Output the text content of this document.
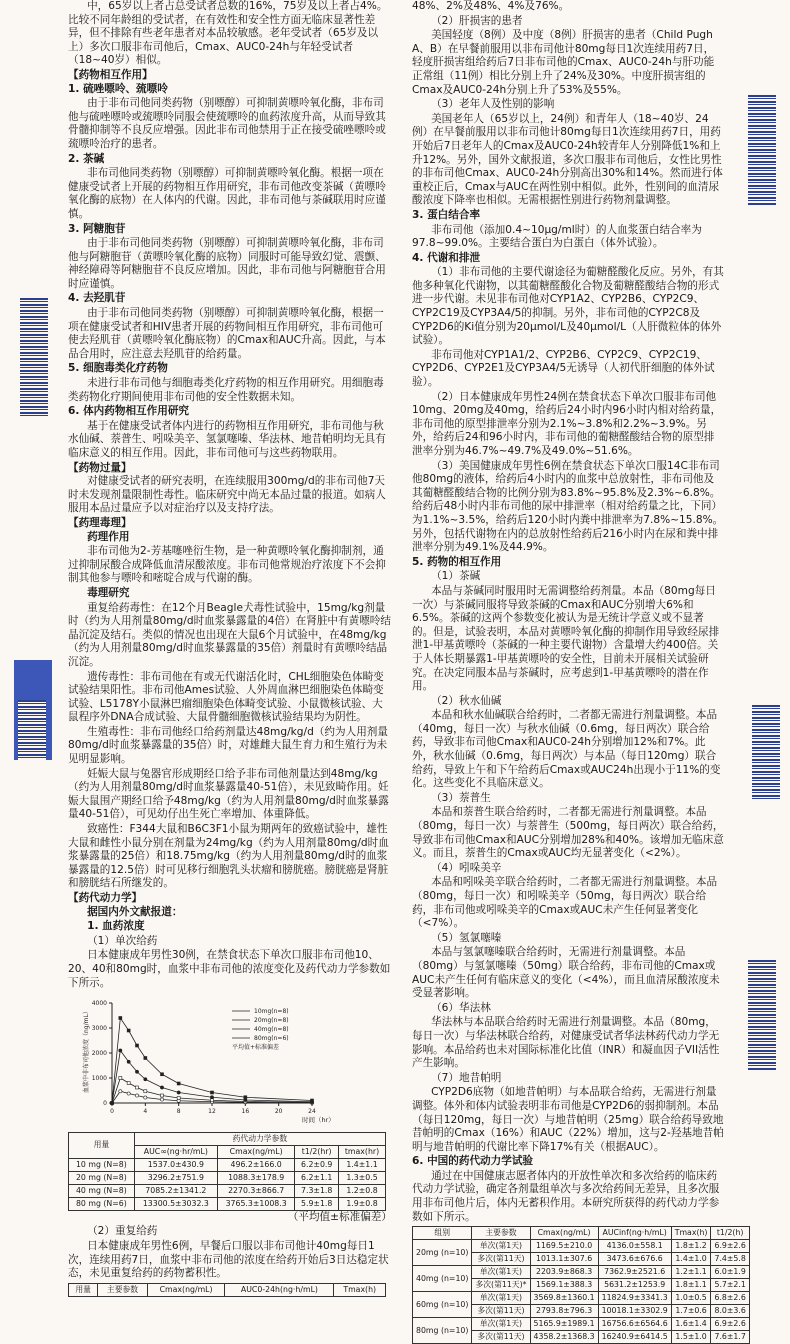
中，65岁以上者占总受试者总数的16%，75岁及以上者占4%。比较不同年龄组的受试者，在有效性和安全性方面无临床显著性差异，但不排除有些老年患者对本品较敏感。老年受试者（65岁及以上）多次口服非布司他后，Cmax、AUC0-24h与年轻受试者（18~40岁）相似。

【药物相互作用】

1. 硫唑嘌呤、巯嘌呤

由于非布司他同类药物（别嘌醇）可抑制黄嘌呤氧化酶，非布司他与硫唑嘌呤或巯嘌呤同服会使巯嘌呤的血药浓度升高，从而导致其骨髓抑制等不良反应增强。因此非布司他禁用于正在接受硫唑嘌呤或巯嘌呤治疗的患者。

2. 茶碱

非布司他同类药物（别嘌醇）可抑制黄嘌呤氧化酶。根据一项在健康受试者上开展的药物相互作用研究，非布司他改变茶碱（黄嘌呤氧化酶的底物）在人体内的代谢。因此，非布司他与茶碱联用时应谨慎。

3. 阿糖胞苷

由于非布司他同类药物（别嘌醇）可抑制黄嘌呤氧化酶，非布司他与阿糖胞苷（黄嘌呤氧化酶的底物）同服时可能导致幻觉、震颤、神经障碍等阿糖胞苷不良反应增加。因此，非布司他与阿糖胞苷合用时应谨慎。

4. 去羟肌苷

由于非布司他同类药物（别嘌醇）可抑制黄嘌呤氧化酶，根据一项在健康受试者和HIV患者开展的药物间相互作用研究，非布司他可使去羟肌苷（黄嘌呤氧化酶底物）的Cmax和AUC升高。因此，与本品合用时，应注意去羟肌苷的给药量。

5. 细胞毒类化疗药物

未进行非布司他与细胞毒类化疗药物的相互作用研究。用细胞毒类药物化疗期间使用非布司他的安全性数据未知。

6. 体内药物相互作用研究

基于在健康受试者体内进行的药物相互作用研究，非布司他与秋水仙碱、萘普生、吲哚美辛、氢氯噻嗪、华法林、地昔帕明均无具有临床意义的相互作用。因此，非布司他可与这些药物联用。

【药物过量】

对健康受试者的研究表明，在连续服用300mg/d的非布司他7天时未发现剂量限制性毒性。临床研究中尚无本品过量的报道。如病人服用本品过量应予以对症治疗以及支持疗法。

【药理毒理】

药理作用

非布司他为2-芳基噻唑衍生物，是一种黄嘌呤氧化酶抑制剂，通过抑制尿酸合成降低血清尿酸浓度。非布司他常规治疗浓度下不会抑制其他参与嘌呤和嘧啶合成与代谢的酶。

毒理研究

重复给药毒性：在12个月Beagle犬毒性试验中，15mg/kg剂量时（约为人用剂量80mg/d时血浆暴露量的4倍）在肾脏中有黄嘌呤结晶沉淀及结石。类似的情况也出现在大鼠6个月试验中，在48mg/kg（约为人用剂量80mg/d时血浆暴露量的35倍）剂量时有黄嘌呤结晶沉淀。

遗传毒性：非布司他在有或无代谢活化时，CHL细胞染色体畸变试验结果阳性。非布司他Ames试验、人外周血淋巴细胞染色体畸变试验、L5178Y小鼠淋巴瘤细胞染色体畸变试验、小鼠微核试验、大鼠程序外DNA合成试验、大鼠骨髓细胞微核试验结果均为阴性。

生殖毒性：非布司他经口给药剂量达48mg/kg/d（约为人用剂量80mg/d时血浆暴露量的35倍）时，对雄雌大鼠生育力和生殖行为未见明显影响。

妊娠大鼠与兔器官形成期经口给予非布司他剂量达到48mg/kg（约为人用剂量80mg/d时血浆暴露量40-51倍），未见致畸作用。妊娠大鼠围产期经口给予48mg/kg（约为人用剂量80mg/d时血浆暴露量40-51倍），可见幼仔出生死亡率增加、体重降低。

致癌性：F344大鼠和B6C3F1小鼠为期两年的致癌试验中，雄性大鼠和雌性小鼠分别在剂量为24mg/kg（约为人用剂量80mg/d时血浆暴露量的25倍）和18.75mg/kg（约为人用剂量80mg/d时的血浆暴露量的12.5倍）时可见移行细胞乳头状瘤和膀胱癌。膀胱癌是肾脏和膀胱结石所继发的。

【药代动力学】

据国内外文献报道：

1. 血药浓度

（1）单次给药

日本健康成年男性30例，在禁食状态下单次口服非布司他10、20、40和80mg时，血浆中非布司他的浓度变化及药代动力学参数如下所示。

0
1000
2000
3000
4000
0	4	8	12	16	20	24
时间（hr）
血浆中非布司他浓度（ng/mL）	10mg(n=8)
20mg(n=8)
40mg(n=8)
80mg(n=6)
平均值+标准偏差
用量	药代动力学参数			
	AUC∞(ng·hr/mL)	Cmax(ng/mL)	t1/2(hr)	tmax(hr)
10 mg (N=8)	1537.0±430.9	496.2±166.0	6.2±0.9	1.4±1.1
20 mg (N=8)	3296.2±751.9	1088.3±178.9	6.2±1.1	1.3±0.5
40 mg (N=8)	7085.2±1341.2	2270.3±866.7	7.3±1.8	1.2±0.8
80 mg (N=6)	13300.5±3032.3	3765.3±1008.3	5.9±1.8	1.9±0.8

（平均值±标准偏差）

（2）重复给药

日本健康成年男性6例，早餐后口服以非布司他计40mg每日1次，连续用药7日，血浆中非布司他的浓度在给药开始后3日达稳定状态，未见重复给药的药物蓄积性。

用量	主要参数	Cmax(ng/mL)	AUC0-24h(ng·h/mL)	Tmax(h)

48%、2%及48%、4%及76%。

（2）肝损害的患者

美国轻度（8例）及中度（8例）肝损害的患者（Child Pugh A、B）在早餐前服用以非布司他计80mg每日1次连续用药7日，轻度肝损害组给药后7日非布司他的Cmax、AUC0-24h与肝功能正常组（11例）相比分别上升了24%及30%。中度肝损害组的Cmax及AUC0-24h分别上升了53%及55%。

（3）老年人及性别的影响

美国老年人（65岁以上，24例）和青年人（18~40岁、24例）在早餐前服用以非布司他计80mg每日1次连续用药7日，用药开始后7日老年人的Cmax及AUC0-24h较青年人分别降低1%和上升12%。另外，国外文献报道，多次口服非布司他后，女性比男性的非布司他Cmax、AUC0-24h分别高出30%和14%。然而进行体重校正后，Cmax与AUC在两性别中相似。此外，性别间的血清尿酸浓度下降率也相似。无需根据性别进行药物剂量调整。

3. 蛋白结合率

非布司他（添加0.4~10μg/ml时）的人血浆蛋白结合率为97.8~99.0%。主要结合蛋白为白蛋白（体外试验）。

4. 代谢和排泄

（1）非布司他的主要代谢途径为葡糖醛酸化反应。另外，有其他多种氧化代谢物，以其葡糖醛酸化合物及葡糖醛酸结合物的形式进一步代谢。未见非布司他对CYP1A2、CYP2B6、CYP2C9、CYP2C19及CYP3A4/5的抑制。另外，非布司他的CYP2C8及CYP2D6的Ki值分别为20μmol/L及40μmol/L（人肝微粒体的体外试验）。

非布司他对CYP1A1/2、CYP2B6、CYP2C9、CYP2C19、CYP2D6、CYP2E1及CYP3A4/5无诱导（人初代肝细胞的体外试验）。

（2）日本健康成年男性24例在禁食状态下单次口服非布司他10mg、20mg及40mg，给药后24小时内96小时内相对给药量，非布司他的原型排泄率分别为2.1%~3.8%和2.2%~3.9%。另外，给药后24和96小时内，非布司他的葡糖醛酸结合物的原型排泄率分别为46.7%~49.7%及49.0%~51.6%。

（3）美国健康成年男性6例在禁食状态下单次口服14C非布司他80mg的液体，给药后4小时内的血浆中总放射性，非布司他及其葡糖醛酸结合物的比例分别为83.8%~95.8%及2.3%~6.8%。给药后48小时内非布司他的尿中排泄率（相对给药量之比，下同）为1.1%~3.5%，给药后120小时内粪中排泄率为7.8%~15.8%。另外，包括代谢物在内的总放射性给药后216小时内在尿和粪中排泄率分别为49.1%及44.9%。

5. 药物的相互作用

（1）茶碱

本品与茶碱同时服用时无需调整给药剂量。本品（80mg每日一次）与茶碱同服将导致茶碱的Cmax和AUC分别增大6%和6.5%。茶碱的这两个参数变化被认为是无统计学意义或不显著的。但是，试验表明，本品对黄嘌呤氧化酶的抑制作用导致经尿排泄1-甲基黄嘌呤（茶碱的一种主要代谢物）含量增大约400倍。关于人体长期暴露1-甲基黄嘌呤的安全性，目前未开展相关试验研究。在决定同服本品与茶碱时，应考虑到1-甲基黄嘌呤的潜在作用。

（2）秋水仙碱

本品和秋水仙碱联合给药时，二者都无需进行剂量调整。本品（40mg，每日一次）与秋水仙碱（0.6mg，每日两次）联合给药，导致非布司他Cmax和AUC0-24h分别增加12%和7%。此外，秋水仙碱（0.6mg，每日两次）与本品（每日120mg）联合给药，导致上午和下午给药后Cmax或AUC24h出现小于11%的变化。这些变化不具临床意义。

（3）萘普生

本品和萘普生联合给药时，二者都无需进行剂量调整。本品（80mg，每日一次）与萘普生（500mg，每日两次）联合给药，导致非布司他Cmax和AUC分别增加28%和40%。该增加无临床意义。而且，萘普生的Cmax或AUC均无显著变化（<2%）。

（4）吲哚美辛

本品和吲哚美辛联合给药时，二者都无需进行剂量调整。本品（80mg，每日一次）和吲哚美辛（50mg，每日两次）联合给药，非布司他或吲哚美辛的Cmax或AUC未产生任何显著变化（<7%）。

（5）氢氯噻嗪

本品与氢氯噻嗪联合给药时，无需进行剂量调整。本品（80mg）与氢氯噻嗪（50mg）联合给药，非布司他的Cmax或AUC未产生任何有临床意义的变化（<4%），而且血清尿酸浓度未受显著影响。

（6）华法林

华法林与本品联合给药时无需进行剂量调整。本品（80mg，每日一次）与华法林联合给药，对健康受试者华法林药代动力学无影响。本品给药也未对国际标准化比值（INR）和凝血因子VII活性产生影响。

（7）地昔帕明

CYP2D6底物（如地昔帕明）与本品联合给药，无需进行剂量调整。体外和体内试验表明非布司他是CYP2D6的弱抑制剂。本品（每日120mg，每日一次）与地昔帕明（25mg）联合给药导致地昔帕明的Cmax（16%）和AUC（22%）增加，这与2-羟基地昔帕明与地昔帕明的代谢比率下降17%有关（根据AUC）。

6. 中国的药代动力学试验

通过在中国健康志愿者体内的开放性单次和多次给药的临床药代动力学试验，确定各剂量组单次与多次给药间无差异，且多次服用非布司他片后，体内无蓄积作用。本研究所获得的药代动力学参数如下所示。

组别	主要参数	Cmax(ng/mL)	AUCinf(ng·h/mL)	Tmax(h)	t1/2(h)
20mg (n=10)	单次(第1天)	1169.5±210.0	4136.0±558.1	1.8±1.2	6.9±2.6
	多次(第11天)	1013.1±307.6	3473.6±676.6	1.4±1.0	7.4±5.8
40mg (n=10)	单次(第1天)	2203.9±868.3	7362.9±2521.6	1.2±1.1	6.0±1.9
	多次(第11天)*	1569.1±388.3	5631.2±1253.9	1.8±1.1	5.7±2.1
60mg (n=10)	单次(第1天)	3569.8±1360.1	11824.9±3341.3	1.0±0.5	6.8±2.6
	多次(第11天)	2793.8±796.3	10018.1±3302.9	1.7±0.6	8.0±3.6
80mg (n=10)	单次(第1天)	5165.9±1989.1	16756.6±6564.6	1.6±1.4	6.9±2.6
	多次(第11天)	4358.2±1368.3	16240.9±6414.5	1.5±1.0	7.6±1.7
